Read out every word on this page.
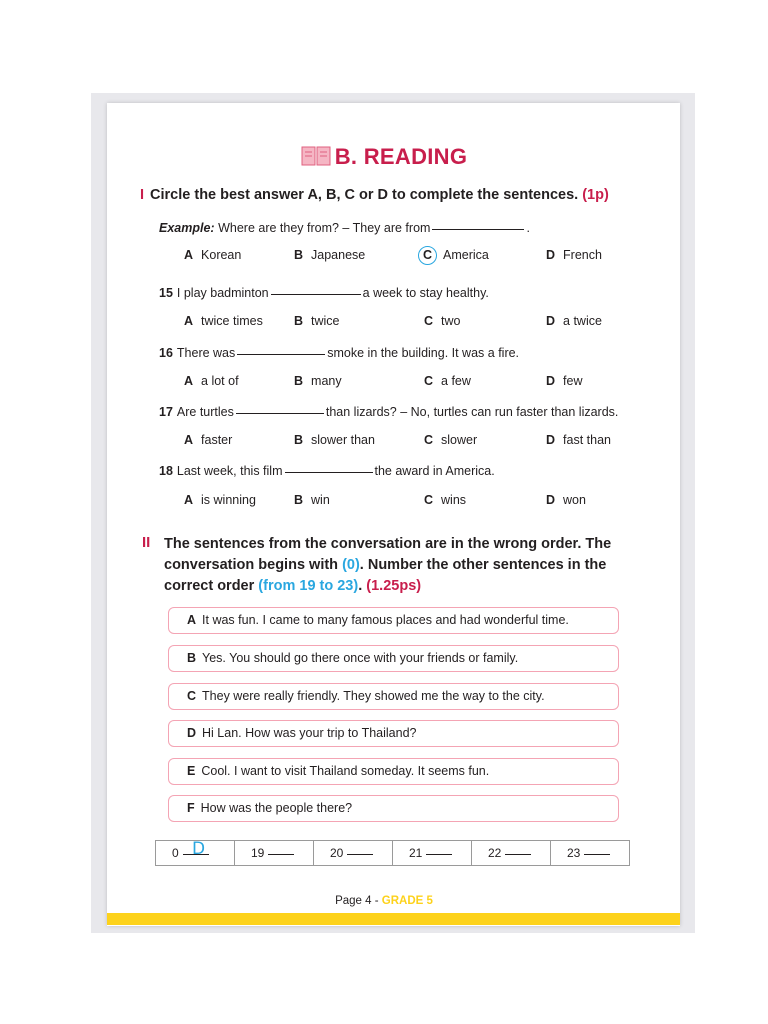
B. READING
I Circle the best answer A, B, C or D to complete the sentences. (1p)
Example: Where are they from? – They are from	.
A Korean	B Japanese	C America	D French
15 I play badminton	a week to stay healthy.
A twice times B twice	C two	D a twice
16 There was	smoke in the building. It was a fire.
A a lot of	B many	C a few	D few
17 Are turtles	than lizards? – No, turtles can run faster than lizards.
A faster	B slower than	C slower	D fast than
18 Last week, this film	the award in America.
A is winning	B win	C wins	D won
II The sentences from the conversation are in the wrong order. The conversation begins with (0). Number the other sentences in the correct order (from 19 to 23). (1.25ps)
A It was fun. I came to many famous places and had wonderful time.
B Yes. You should go there once with your friends or family.
C They were really friendly. They showed me the way to the city.
D Hi Lan. How was your trip to Thailand?
E Cool. I want to visit Thailand someday. It seems fun.
F How was the people there?
0 D	19	20	21	22	23
Page 4 - GRADE 5
